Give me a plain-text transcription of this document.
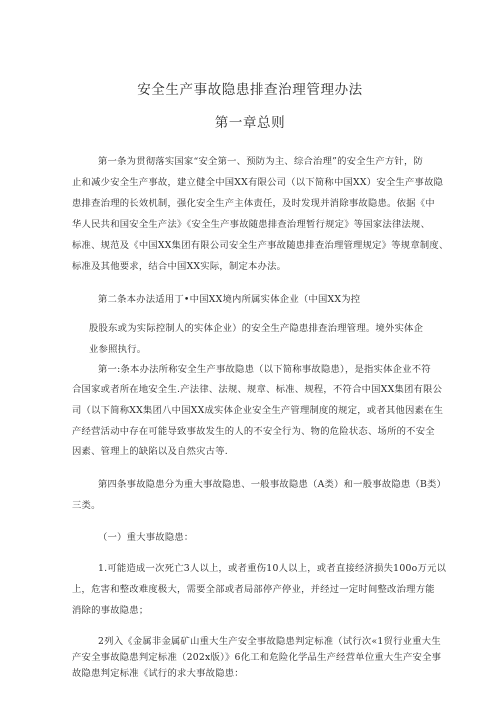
安全生产事故隐患排查治理管理办法
第一章总则
第一条为贯彻落实国家“安全第一、预防为主、综合治理”的安全生产方针，防
止和减少安全生产事故，建立健全中国XX有限公司（以下简称中国XX）安全生产事故隐
患排查治理的长效机制，强化安全生产主体责任，及时发现并消除事故隐患。依据《中
华人民共和国安全生产法》《安全生产事故随患排查治理暂行规定》等国家法律法规、
标准、规范及《中国XX集团有限公司安全生产事故随患排查治理管理规定》等规章制度、
标准及其他要求，结合中国XX实际，制定本办法。
第二条本办法适用丁•中国XX境内所属实体企业（中国XX为控
股股东或为实际控制人的实体企业）的安全生产隐患排查治理管理。境外实体企
业参照执行。
第一:条本办法所称安全生产事故隐患（以下简称事故隐患），是指实体企业不符
合国家或者所在地安全生.产法律、法规、规章、标准、规程，不符合中国XX集团有限公
司（以下简称XX集团八中国XX成实体企业安全生产管理制度的规定，或者其他因素在生
产经营活动中存在可能导致事故发生的人的不安全行为、物的危险状态、场所的不安全
因素、管理上的缺陷以及自然灾古等.
第四条事故隐患分为重大事故隐患、一般事故隐患（A类）和一般事故隐患（B类）
三类。
（一）重大事故隐患：
1.可能造成一次死亡3人以上，或者重伤10人以上，或者直接经济损失100o万元以
上，危害和整改难度极大，需要全部或者局部停产停业，并经过一定时间整改治理方能
消除的事故隐患；
2列入《金属非金属矿山重大生产安全事故隐患判定标准（试行次«1贸行业重大生
产安全事故隐患判定标准（202x版）》6化工和危险化学品生产经营单位重大生产安全事
故隐患判定标准《试行的求大事故隐患：
